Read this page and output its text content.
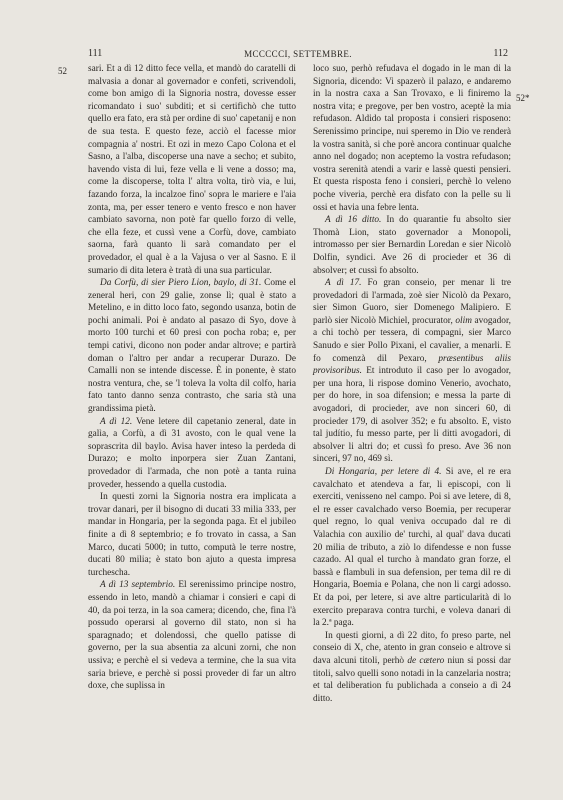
111	MCCCCCI, SETTEMBRE.	112
52
52*

sari. Et a dì 12 ditto fece vella, et mandò do caratelli di malvasia a donar al governador e confeti, scrivendoli, come bon amigo di la Signoria nostra, dovesse esser ricomandato i suo' subditi; et si certifichò che tutto quello era fato, era stà per ordine di suo' capetanij e non de sua testa. E questo feze, acciò el facesse mior compagnia a' nostri. Et ozi in mezo Capo Colona et el Sasno, a l'alba, discoperse una nave a secho; et subito, havendo vista di lui, feze vella e li vene a dosso; ma, come la discoperse, tolta l' altra volta, tirò via, e lui, fazando forza, la incalzoe fino' sopra le mariere e l'aia zonta, ma, per esser tenero e vento fresco e non haver cambiato savorna, non potè far quello forzo di velle, che ella feze, et cussì vene a Corfù, dove, cambiato saorna, farà quanto li sarà comandato per el provedador, el qual è a la Vajusa o ver al Sasno. E il sumario di dita letera è tratà di una sua particular.

Da Corfù, di sier Piero Lion, baylo, di 31. Come el zeneral heri, con 29 galie, zonse lì; qual è stato a Metelino, e in ditto loco fato, segondo usanza, botin de pochi animali. Poi è andato al pasazo di Syo, dove à morto 100 turchi et 60 presi con pocha roba; e, per tempi cativi, dicono non poder andar altrove; e partirà doman o l'altro per andar a recuperar Durazo. De Camalli non se intende discesse. È in ponente, è stato nostra ventura, che, se 'l toleva la volta dil colfo, haria fato tanto danno senza contrasto, che saria stà una grandissima pietà.

A dì 12. Vene letere dil capetanio zeneral, date in galìa, a Corfù, a dì 31 avosto, con le qual vene la soprascrita dil baylo. Avisa haver inteso la perdeda di Durazo; e molto inporpera sier Zuan Zantani, provedador di l'armada, che non potè a tanta ruina proveder, hessendo a quella custodia.

In questi zorni la Signoria nostra era implicata a trovar danari, per il bisogno di ducati 33 milia 333, per mandar in Hongaria, per la segonda paga. Et el jubileo finite a dì 8 septembrio; e fo trovato in cassa, a San Marco, ducati 5000; in tutto, computà le terre nostre, ducati 80 milia; è stato bon ajuto a questa impresa turchescha.

A dì 13 septembrio. El serenissimo principe nostro, essendo in leto, mandò a chiamar i consieri e capi di 40, da poi terza, in la soa camera; dicendo, che, fina l'à possudo operarsi al governo dil stato, non si ha sparagnado; et dolendossi, che quello patisse di governo, per la sua absentia za alcuni zorni, che non ussiva; e perchè el si vedeva a termine, che la sua vita saria brieve, e perchè si possi proveder di far un altro doxe, che suplissa in

loco suo, perhò refudava el dogado in le man di la Signoria, dicendo: Vi spazerò il palazo, e andaremo in la nostra caxa a San Trovaxo, e li finiremo la nostra vita; e pregove, per ben vostro, aceptè la mia refudason. Aldido tal proposta i consieri risposeno: Serenissimo principe, nui speremo in Dio ve renderà la vostra sanità, si che porè ancora continuar qualche anno nel dogado; non aceptemo la vostra refudason; vostra serenità atendi a varir e lassè questi pensieri. Et questa risposta feno i consieri, perchè lo veleno poche viveria, perchè era disfato con la pelle su li ossi et havia una febre lenta.

A dì 16 ditto. In do quarantie fu absolto sier Thomà Lion, stato governador a Monopoli, introməsso per sier Bernardin Loredan e sier Nicolò Dolfin, syndici. Ave 26 di procieder et 36 di absolver; et cussì fo absolto.

A dì 17. Fo gran conseio, per menar li tre provedadori di l'armada, zoè sier Nicolò da Pexaro, sier Simon Guoro, sier Domenego Malipiero. E parlò sier Nicolò Michiel, procurator, olim avogador, a chi tochò per tessera, di compagni, sier Marco Sanudo e sier Pollo Pixani, el cavalier, a menarli. E fo comenzà dil Pexaro, præsentibus aliis provisoribus. Et introduto il caso per lo avogador, per una hora, li rispose domino Venerio, avochato, per do hore, in soa difension; e messa la parte di avogadori, di procieder, ave non sinceri 60, di procieder 179, di asolver 352; e fu absolto. E, visto tal judítio, fu messo parte, per li ditti avogadori, di absolver li altri do; et cussì fo preso. Ave 36 non sinceri, 97 no, 469 sì.

Di Hongaria, per letere di 4. Si ave, el re era cavalchato et atendeva a far, li episcopi, con li exerciti, venisseno nel campo. Poi si ave letere, di 8, el re esser cavalchado verso Boemia, per recuperar quel regno, lo qual veniva occupado dal re di Valachia con auxilio de' turchi, al qual' dava ducati 20 milia de tributo, a ziò lo difendesse e non fusse cazado. Al qual el turcho à mandato gran forze, el bassà e flambuli in sua defension, per tema dil re di Hongaria, Boemia e Polana, che non li cargi adosso. Et da poi, per letere, si ave altre particularità di lo exercito preparava contra turchi, e voleva danari di la 2.ª paga.

In questi giorni, a dì 22 dito, fo preso parte, nel conseio di X, che, atento in gran conseio e altrove si dava alcuni titoli, perhò de cætero niun si possi dar titoli, salvo quelli sono notadi in la canzelaria nostra; et tal deliberation fu publichada a conseio a dì 24 ditto.
